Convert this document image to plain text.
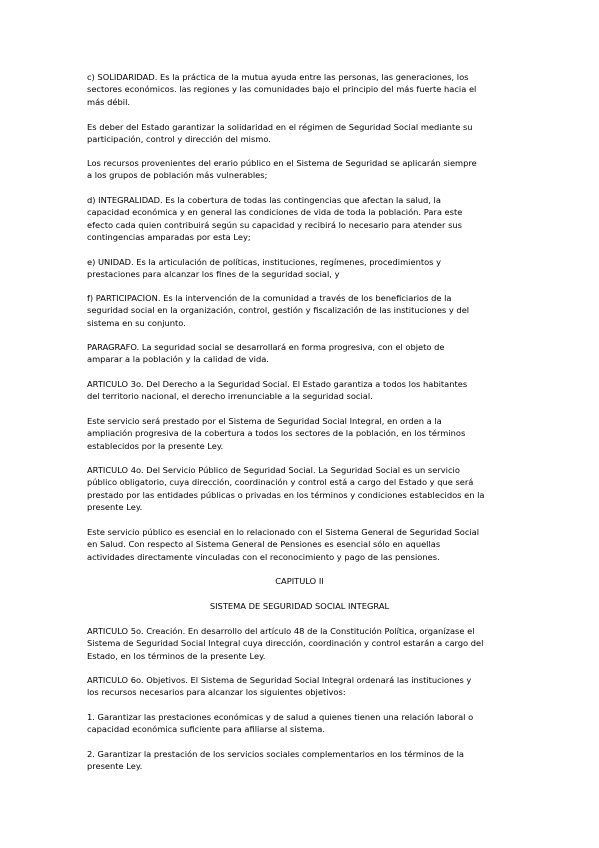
c) SOLIDARIDAD. Es la práctica de la mutua ayuda entre las personas, las generaciones, los
sectores económicos. las regiones y las comunidades bajo el principio del más fuerte hacia el
más débil.

Es deber del Estado garantizar la solidaridad en el régimen de Seguridad Social mediante su
participación, control y dirección del mismo.

Los recursos provenientes del erario público en el Sistema de Seguridad se aplicarán siempre
a los grupos de población más vulnerables;

d) INTEGRALIDAD. Es la cobertura de todas las contingencias que afectan la salud, la
capacidad económica y en general las condiciones de vida de toda la población. Para este
efecto cada quien contribuirá según su capacidad y recibirá lo necesario para atender sus
contingencias amparadas por esta Ley;

e) UNIDAD. Es la articulación de políticas, instituciones, regímenes, procedimientos y
prestaciones para alcanzar los fines de la seguridad social, y

f) PARTICIPACION. Es la intervención de la comunidad a través de los beneficiarios de la
seguridad social en la organización, control, gestión y fiscalización de las instituciones y del
sistema en su conjunto.

PARAGRAFO. La seguridad social se desarrollará en forma progresiva, con el objeto de
amparar a la población y la calidad de vida.

ARTICULO 3o. Del Derecho a la Seguridad Social. El Estado garantiza a todos los habitantes
del territorio nacional, el derecho irrenunciable a la seguridad social.

Este servicio será prestado por el Sistema de Seguridad Social Integral, en orden a la
ampliación progresiva de la cobertura a todos los sectores de la población, en los términos
establecidos por la presente Ley.

ARTICULO 4o. Del Servicio Público de Seguridad Social. La Seguridad Social es un servicio
público obligatorio, cuya dirección, coordinación y control está a cargo del Estado y que será
prestado por las entidades públicas o privadas en los términos y condiciones establecidos en la
presente Ley.

Este servicio público es esencial en lo relacionado con el Sistema General de Seguridad Social
en Salud. Con respecto al Sistema General de Pensiones es esencial sólo en aquellas
actividades directamente vinculadas con el reconocimiento y pago de las pensiones.

CAPITULO II

SISTEMA DE SEGURIDAD SOCIAL INTEGRAL

ARTICULO 5o. Creación. En desarrollo del artículo 48 de la Constitución Política, organízase el
Sistema de Seguridad Social Integral cuya dirección, coordinación y control estarán a cargo del
Estado, en los términos de la presente Ley.

ARTICULO 6o. Objetivos. El Sistema de Seguridad Social Integral ordenará las instituciones y
los recursos necesarios para alcanzar los siguientes objetivos:

1. Garantizar las prestaciones económicas y de salud a quienes tienen una relación laboral o
capacidad económica suficiente para afiliarse al sistema.

2. Garantizar la prestación de los servicios sociales complementarios en los términos de la
presente Ley.
